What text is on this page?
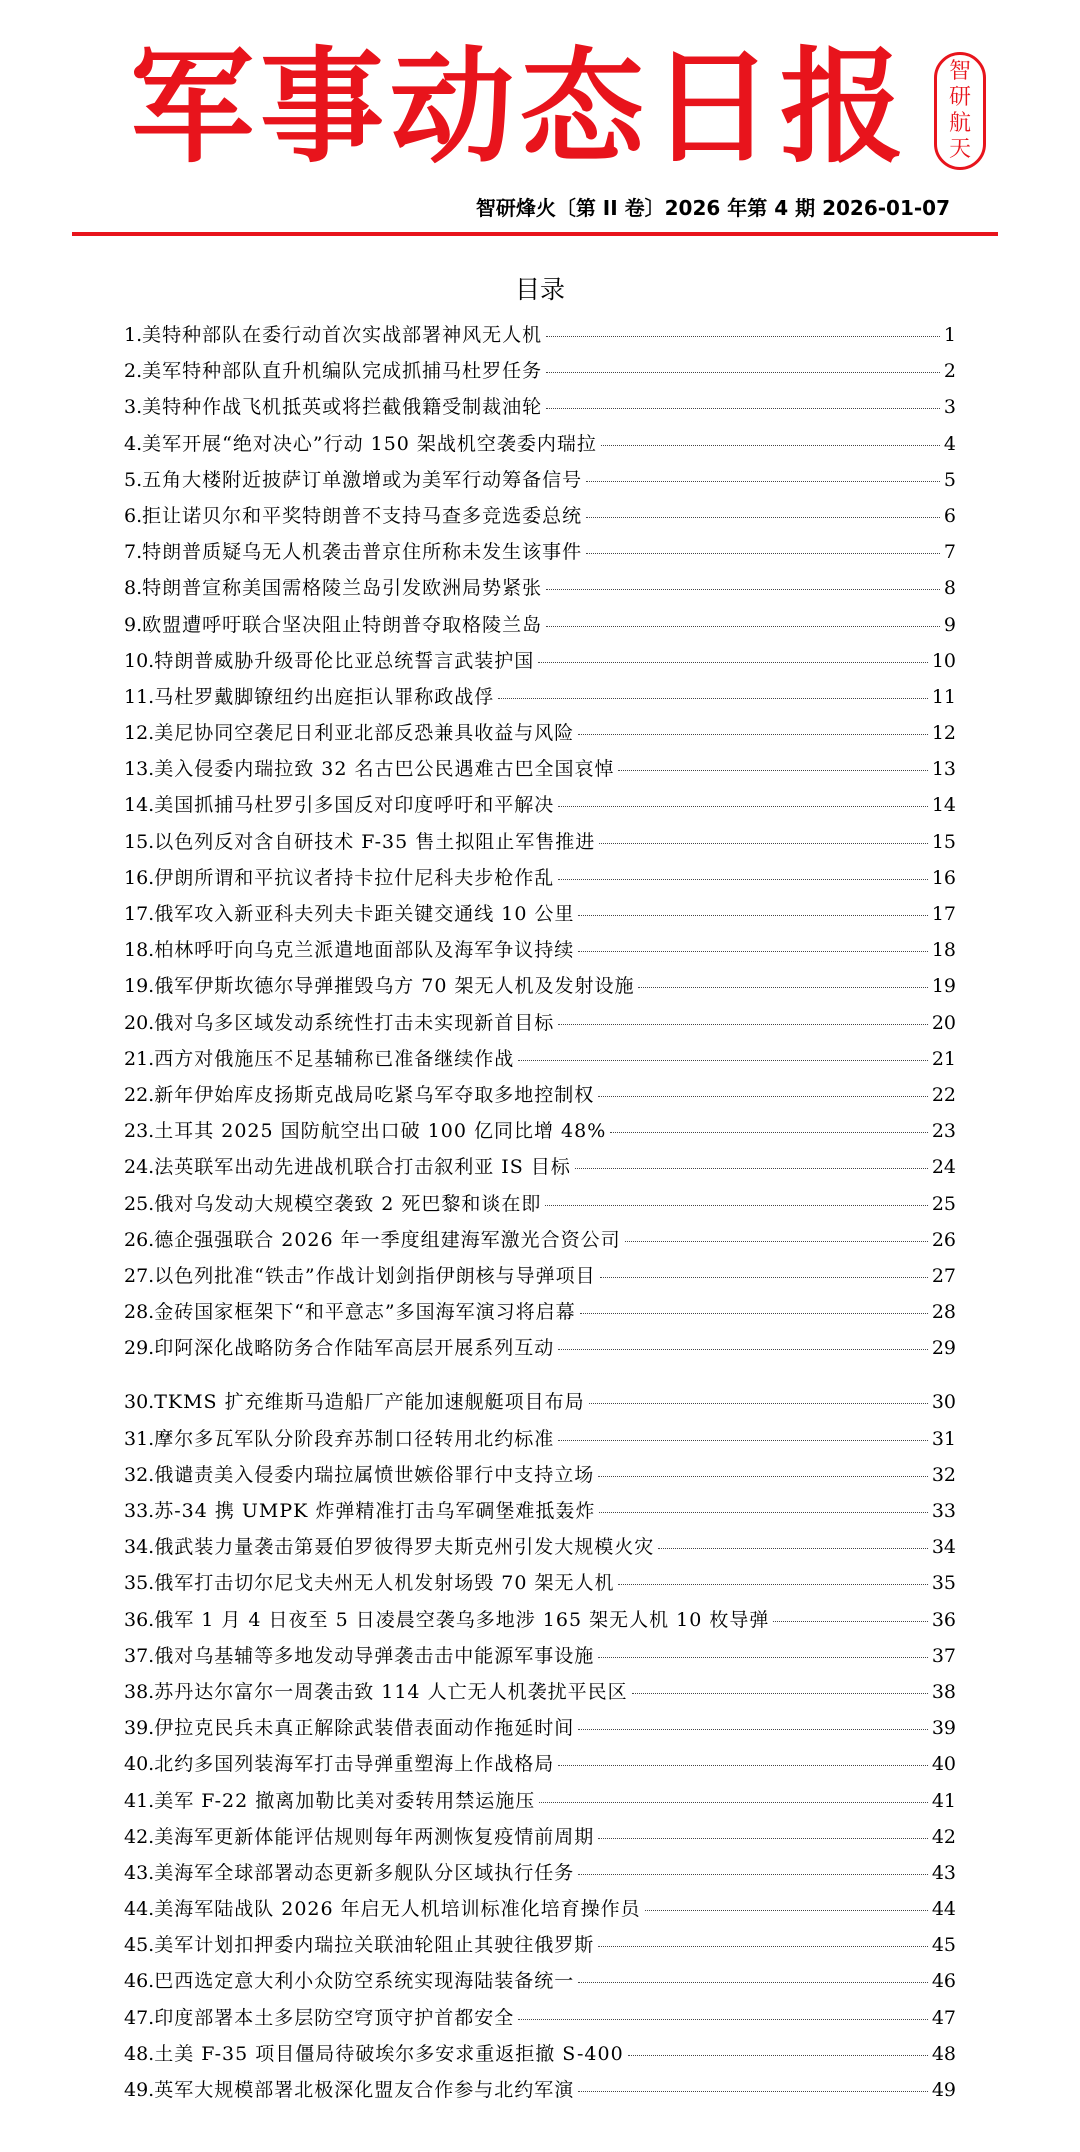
军事动态日报	智
研
航
天
智研烽火〔第 II 卷〕2026 年第 4 期 2026-01-07
目录
1. 美特种部队在委行动首次实战部署神风无人机	1
2. 美军特种部队直升机编队完成抓捕马杜罗任务	2
3. 美特种作战飞机抵英或将拦截俄籍受制裁油轮	3
4. 美军开展“绝对决心”行动 150 架战机空袭委内瑞拉	4
5. 五角大楼附近披萨订单激增或为美军行动筹备信号	5
6. 拒让诺贝尔和平奖特朗普不支持马查多竞选委总统	6
7. 特朗普质疑乌无人机袭击普京住所称未发生该事件	7
8. 特朗普宣称美国需格陵兰岛引发欧洲局势紧张	8
9. 欧盟遭呼吁联合坚决阻止特朗普夺取格陵兰岛	9
10. 特朗普威胁升级哥伦比亚总统誓言武装护国	10
11. 马杜罗戴脚镣纽约出庭拒认罪称政战俘	11
12. 美尼协同空袭尼日利亚北部反恐兼具收益与风险	12
13. 美入侵委内瑞拉致 32 名古巴公民遇难古巴全国哀悼	13
14. 美国抓捕马杜罗引多国反对印度呼吁和平解决	14
15. 以色列反对含自研技术 F-35 售土拟阻止军售推进	15
16. 伊朗所谓和平抗议者持卡拉什尼科夫步枪作乱	16
17. 俄军攻入新亚科夫列夫卡距关键交通线 10 公里	17
18. 柏林呼吁向乌克兰派遣地面部队及海军争议持续	18
19. 俄军伊斯坎德尔导弹摧毁乌方 70 架无人机及发射设施	19
20. 俄对乌多区域发动系统性打击未实现新首目标	20
21. 西方对俄施压不足基辅称已准备继续作战	21
22. 新年伊始库皮扬斯克战局吃紧乌军夺取多地控制权	22
23. 土耳其 2025 国防航空出口破 100 亿同比增 48%	23
24. 法英联军出动先进战机联合打击叙利亚 IS 目标	24
25. 俄对乌发动大规模空袭致 2 死巴黎和谈在即	25
26. 德企强强联合 2026 年一季度组建海军激光合资公司	26
27. 以色列批准“铁击”作战计划剑指伊朗核与导弹项目	27
28. 金砖国家框架下“和平意志”多国海军演习将启幕	28
29. 印阿深化战略防务合作陆军高层开展系列互动	29
30. TKMS 扩充维斯马造船厂产能加速舰艇项目布局	30
31. 摩尔多瓦军队分阶段弃苏制口径转用北约标准	31
32. 俄谴责美入侵委内瑞拉属愤世嫉俗罪行中支持立场	32
33. 苏-34 携 UMPK 炸弹精准打击乌军碉堡难抵轰炸	33
34. 俄武装力量袭击第聂伯罗彼得罗夫斯克州引发大规模火灾	34
35. 俄军打击切尔尼戈夫州无人机发射场毁 70 架无人机	35
36. 俄军 1 月 4 日夜至 5 日凌晨空袭乌多地涉 165 架无人机 10 枚导弹	36
37. 俄对乌基辅等多地发动导弹袭击击中能源军事设施	37
38. 苏丹达尔富尔一周袭击致 114 人亡无人机袭扰平民区	38
39. 伊拉克民兵未真正解除武装借表面动作拖延时间	39
40. 北约多国列装海军打击导弹重塑海上作战格局	40
41. 美军 F-22 撤离加勒比美对委转用禁运施压	41
42. 美海军更新体能评估规则每年两测恢复疫情前周期	42
43. 美海军全球部署动态更新多舰队分区域执行任务	43
44. 美海军陆战队 2026 年启无人机培训标准化培育操作员	44
45. 美军计划扣押委内瑞拉关联油轮阻止其驶往俄罗斯	45
46. 巴西选定意大利小众防空系统实现海陆装备统一	46
47. 印度部署本土多层防空穹顶守护首都安全	47
48. 土美 F-35 项目僵局待破埃尔多安求重返拒撤 S-400	48
49. 英军大规模部署北极深化盟友合作参与北约军演	49
